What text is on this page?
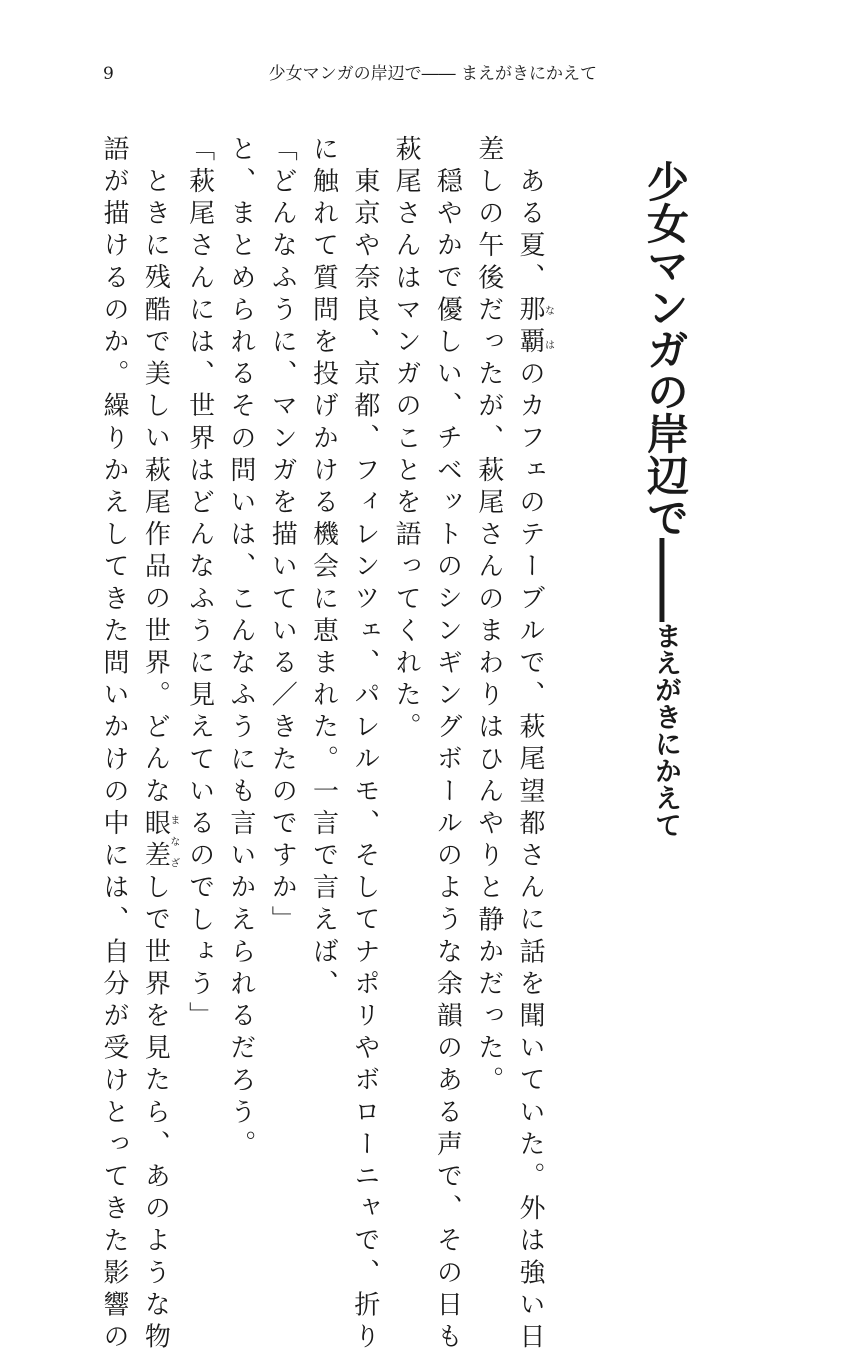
9	少女マンガの岸辺で―― まえがきにかえて
少女マンガの岸辺で――まえがきにかえて
ある夏、那覇なはのカフェのテーブルで、萩尾望都さんに話を聞いていた。外は強い日
差しの午後だったが、萩尾さんのまわりはひんやりと静かだった。
穏やかで優しい、チベットのシンギングボールのような余韻のある声で、その日も
萩尾さんはマンガのことを語ってくれた。
東京や奈良、京都、フィレンツェ、パレルモ、そしてナポリやボローニャで、折り
に触れて質問を投げかける機会に恵まれた。一言で言えば、
「どんなふうに、マンガを描いている／きたのですか」
と、まとめられるその問いは、こんなふうにも言いかえられるだろう。
「萩尾さんには、世界はどんなふうに見えているのでしょう」
ときに残酷で美しい萩尾作品の世界。どんな眼差まなざしで世界を見たら、あのような物
語が描けるのか。繰りかえしてきた問いかけの中には、自分が受けとってきた影響の
